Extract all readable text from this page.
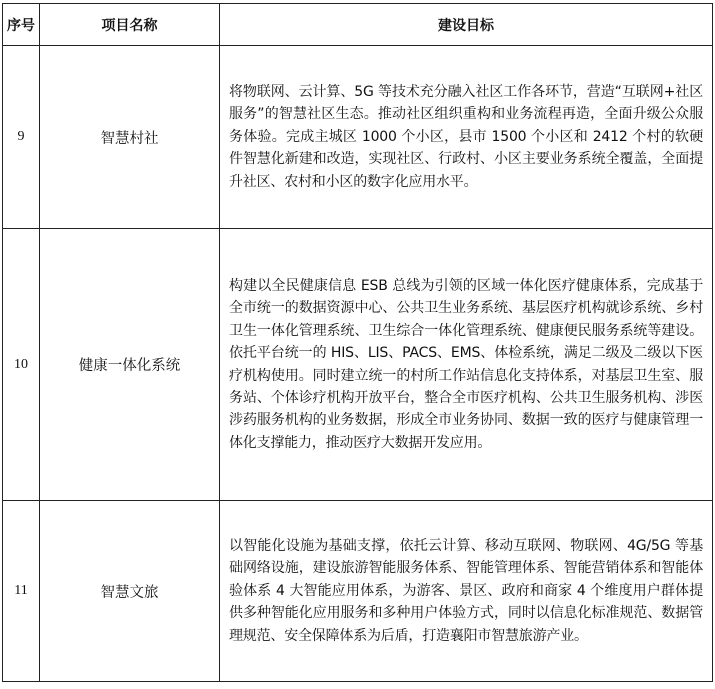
序号	项目名称	建设目标
9	智慧村社	将物联网、云计算、5G 等技术充分融入社区工作各环节，营造“互联网+社区服务”的智慧社区生态。推动社区组织重构和业务流程再造，全面升级公众服务体验。完成主城区 1000 个小区，县市 1500 个小区和 2412 个村的软硬件智慧化新建和改造，实现社区、行政村、小区主要业务系统全覆盖，全面提升社区、农村和小区的数字化应用水平。
10	健康一体化系统	构建以全民健康信息 ESB 总线为引领的区域一体化医疗健康体系，完成基于全市统一的数据资源中心、公共卫生业务系统、基层医疗机构就诊系统、乡村卫生一体化管理系统、卫生综合一体化管理系统、健康便民服务系统等建设。依托平台统一的 HIS、LIS、PACS、EMS、体检系统，满足二级及二级以下医疗机构使用。同时建立统一的村所工作站信息化支持体系，对基层卫生室、服务站、个体诊疗机构开放平台，整合全市医疗机构、公共卫生服务机构、涉医涉药服务机构的业务数据，形成全市业务协同、数据一致的医疗与健康管理一体化支撑能力，推动医疗大数据开发应用。
11	智慧文旅	以智能化设施为基础支撑，依托云计算、移动互联网、物联网、4G/5G 等基础网络设施，建设旅游智能服务体系、智能管理体系、智能营销体系和智能体验体系 4 大智能应用体系，为游客、景区、政府和商家 4 个维度用户群体提供多种智能化应用服务和多种用户体验方式，同时以信息化标准规范、数据管理规范、安全保障体系为后盾，打造襄阳市智慧旅游产业。
